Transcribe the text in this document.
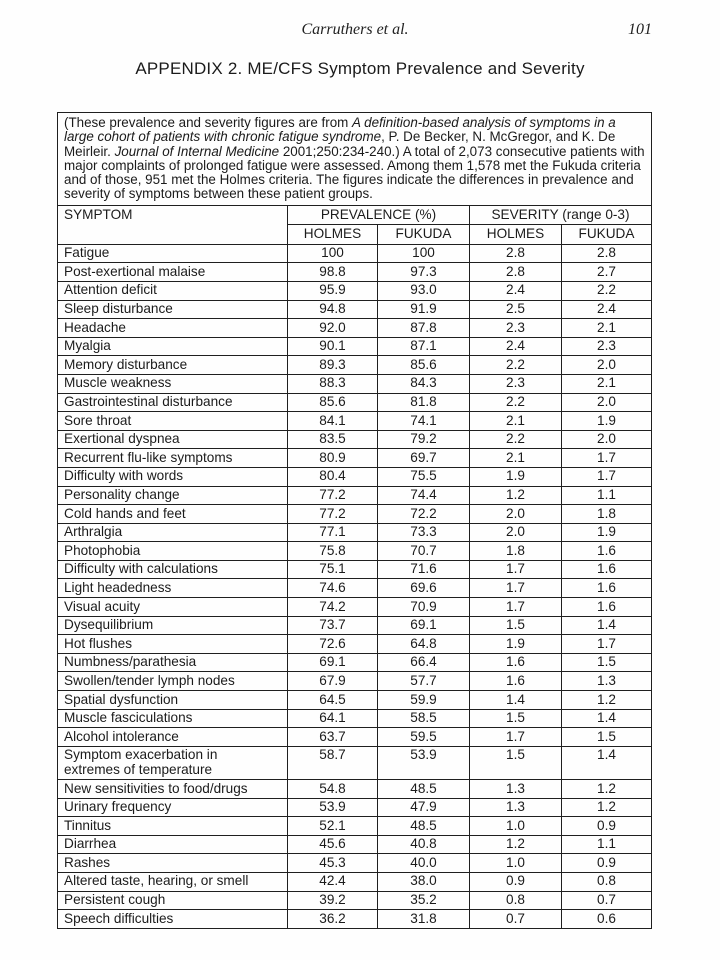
Carruthers et al.	101
APPENDIX 2. ME/CFS Symptom Prevalence and Severity
(These prevalence and severity figures are from A definition-based analysis of symptoms in a large cohort of patients with chronic fatigue syndrome, P. De Becker, N. McGregor, and K. De Meirleir. Journal of Internal Medicine 2001;250:234-240.) A total of 2,073 consecutive patients with major complaints of prolonged fatigue were assessed. Among them 1,578 met the Fukuda criteria and of those, 951 met the Holmes criteria. The figures indicate the differences in prevalence and severity of symptoms between these patient groups.				
SYMPTOM	PREVALENCE (%)		SEVERITY (range 0-3)	
	HOLMES	FUKUDA	HOLMES	FUKUDA
Fatigue	100	100	2.8	2.8
Post-exertional malaise	98.8	97.3	2.8	2.7
Attention deficit	95.9	93.0	2.4	2.2
Sleep disturbance	94.8	91.9	2.5	2.4
Headache	92.0	87.8	2.3	2.1
Myalgia	90.1	87.1	2.4	2.3
Memory disturbance	89.3	85.6	2.2	2.0
Muscle weakness	88.3	84.3	2.3	2.1
Gastrointestinal disturbance	85.6	81.8	2.2	2.0
Sore throat	84.1	74.1	2.1	1.9
Exertional dyspnea	83.5	79.2	2.2	2.0
Recurrent flu-like symptoms	80.9	69.7	2.1	1.7
Difficulty with words	80.4	75.5	1.9	1.7
Personality change	77.2	74.4	1.2	1.1
Cold hands and feet	77.2	72.2	2.0	1.8
Arthralgia	77.1	73.3	2.0	1.9
Photophobia	75.8	70.7	1.8	1.6
Difficulty with calculations	75.1	71.6	1.7	1.6
Light headedness	74.6	69.6	1.7	1.6
Visual acuity	74.2	70.9	1.7	1.6
Dysequilibrium	73.7	69.1	1.5	1.4
Hot flushes	72.6	64.8	1.9	1.7
Numbness/parathesia	69.1	66.4	1.6	1.5
Swollen/tender lymph nodes	67.9	57.7	1.6	1.3
Spatial dysfunction	64.5	59.9	1.4	1.2
Muscle fasciculations	64.1	58.5	1.5	1.4
Alcohol intolerance	63.7	59.5	1.7	1.5
Symptom exacerbation in
extremes of temperature	58.7	53.9	1.5	1.4
New sensitivities to food/drugs	54.8	48.5	1.3	1.2
Urinary frequency	53.9	47.9	1.3	1.2
Tinnitus	52.1	48.5	1.0	0.9
Diarrhea	45.6	40.8	1.2	1.1
Rashes	45.3	40.0	1.0	0.9
Altered taste, hearing, or smell	42.4	38.0	0.9	0.8
Persistent cough	39.2	35.2	0.8	0.7
Speech difficulties	36.2	31.8	0.7	0.6
